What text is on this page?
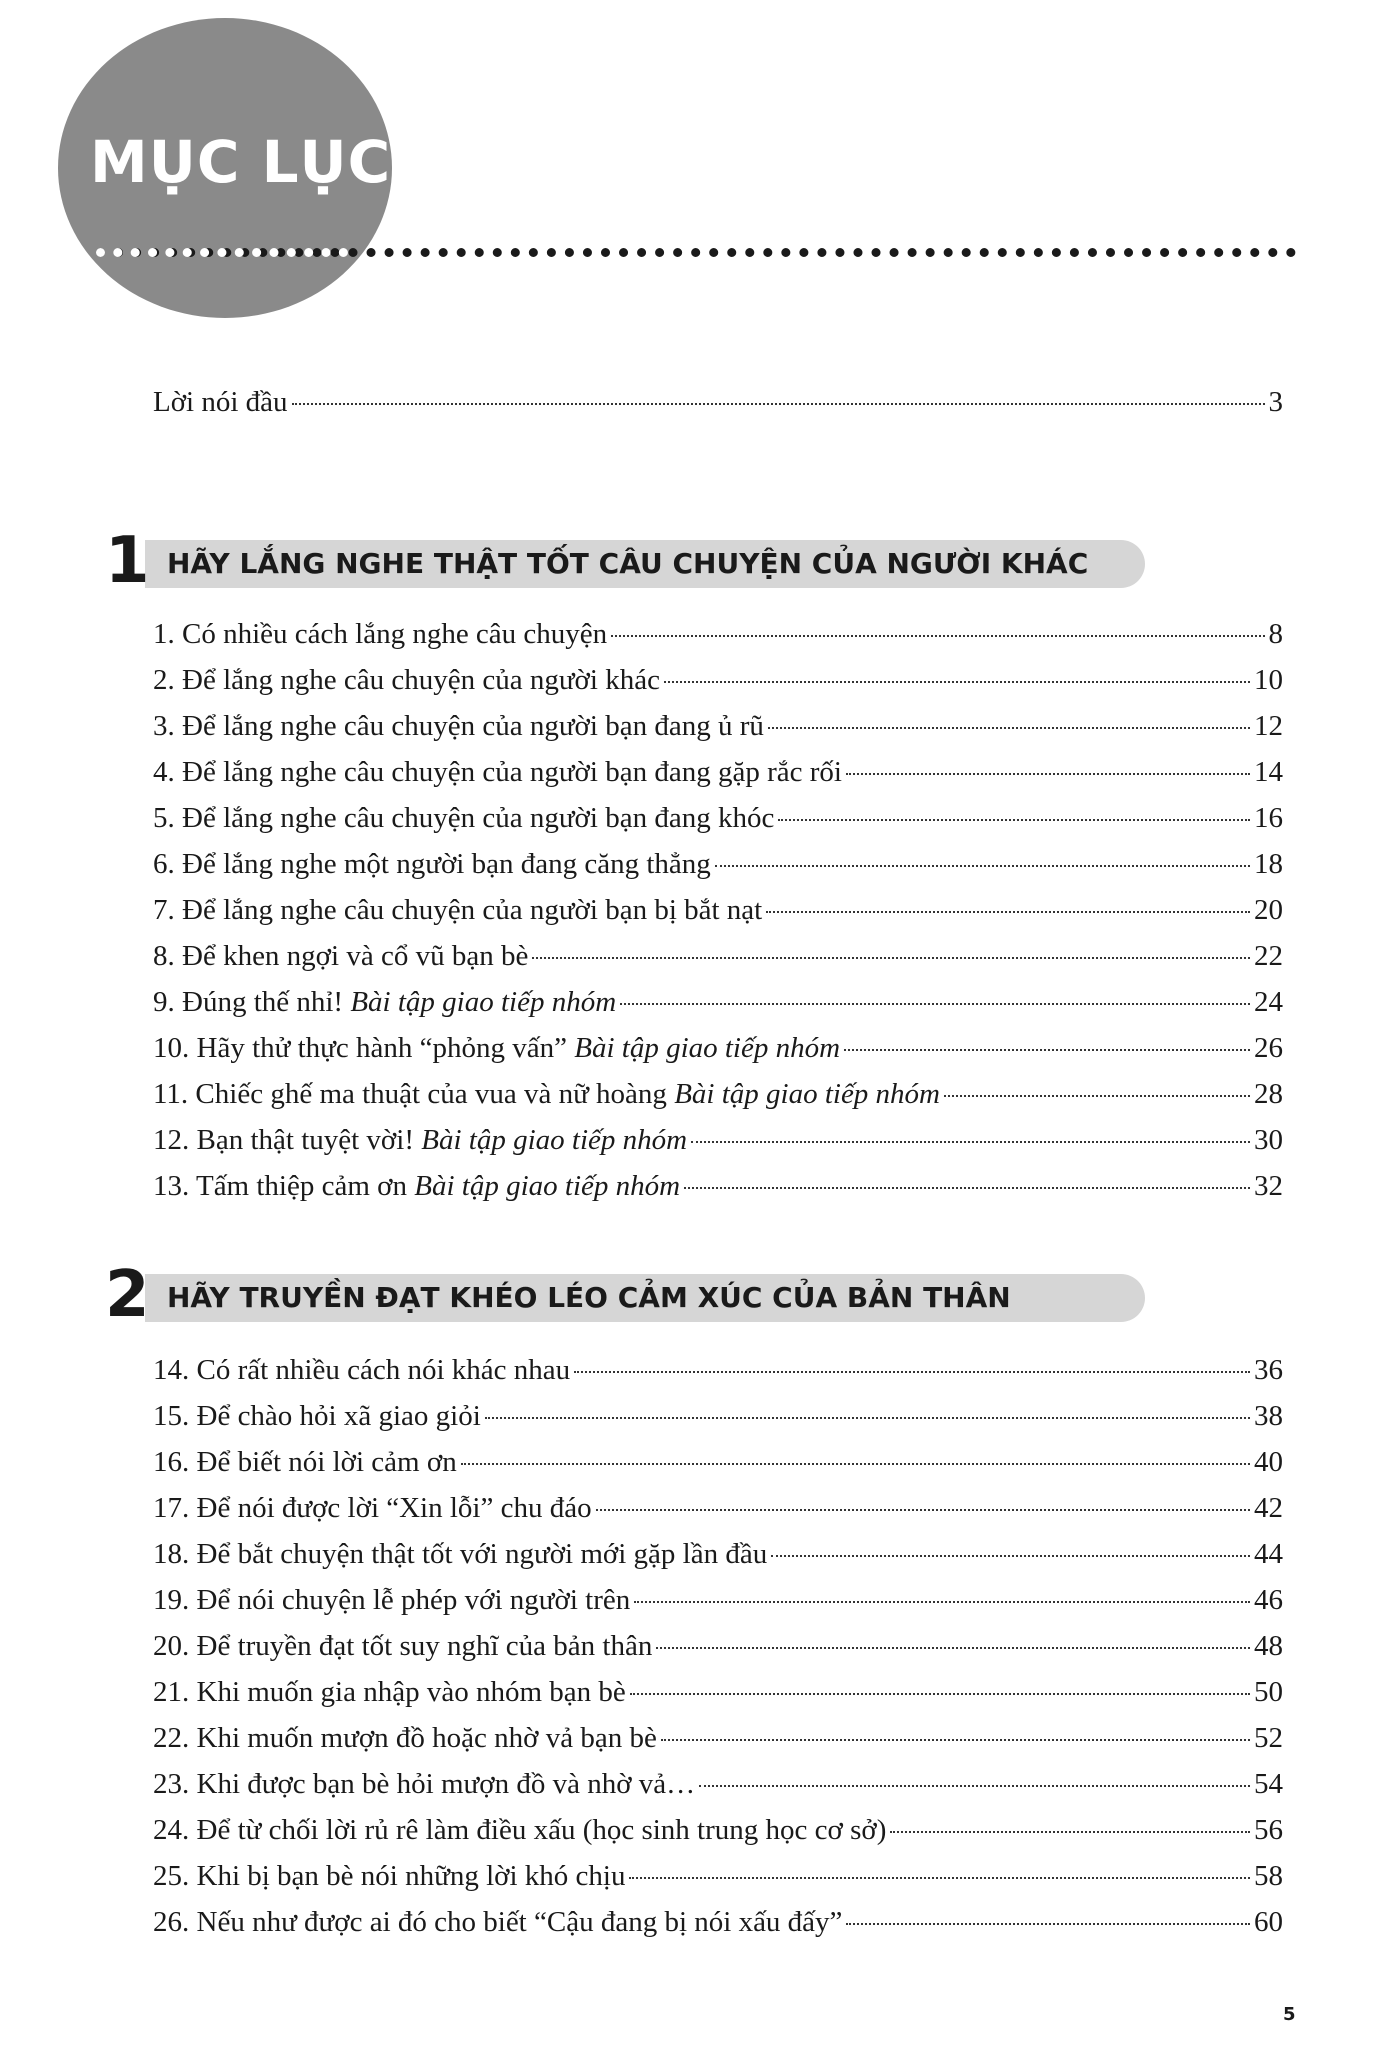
MỤC LỤC
Lời nói đầu	3
1 HÃY LẮNG NGHE THẬT TỐT CÂU CHUYỆN CỦA NGƯỜI KHÁC
1. Có nhiều cách lắng nghe câu chuyện	8
2. Để lắng nghe câu chuyện của người khác	10
3. Để lắng nghe câu chuyện của người bạn đang ủ rũ	12
4. Để lắng nghe câu chuyện của người bạn đang gặp rắc rối	14
5. Để lắng nghe câu chuyện của người bạn đang khóc	16
6. Để lắng nghe một người bạn đang căng thẳng	18
7. Để lắng nghe câu chuyện của người bạn bị bắt nạt	20
8. Để khen ngợi và cổ vũ bạn bè	22
9. Đúng thế nhỉ! Bài tập giao tiếp nhóm	24
10. Hãy thử thực hành “phỏng vấn” Bài tập giao tiếp nhóm	26
11. Chiếc ghế ma thuật của vua và nữ hoàng Bài tập giao tiếp nhóm	28
12. Bạn thật tuyệt vời! Bài tập giao tiếp nhóm	30
13. Tấm thiệp cảm ơn Bài tập giao tiếp nhóm	32
2 HÃY TRUYỀN ĐẠT KHÉO LÉO CẢM XÚC CỦA BẢN THÂN
14. Có rất nhiều cách nói khác nhau	36
15. Để chào hỏi xã giao giỏi	38
16. Để biết nói lời cảm ơn	40
17. Để nói được lời “Xin lỗi” chu đáo	42
18. Để bắt chuyện thật tốt với người mới gặp lần đầu	44
19. Để nói chuyện lễ phép với người trên	46
20. Để truyền đạt tốt suy nghĩ của bản thân	48
21. Khi muốn gia nhập vào nhóm bạn bè	50
22. Khi muốn mượn đồ hoặc nhờ vả bạn bè	52
23. Khi được bạn bè hỏi mượn đồ và nhờ vả…	54
24. Để từ chối lời rủ rê làm điều xấu (học sinh trung học cơ sở)	56
25. Khi bị bạn bè nói những lời khó chịu	58
26. Nếu như được ai đó cho biết “Cậu đang bị nói xấu đấy”	60
5
